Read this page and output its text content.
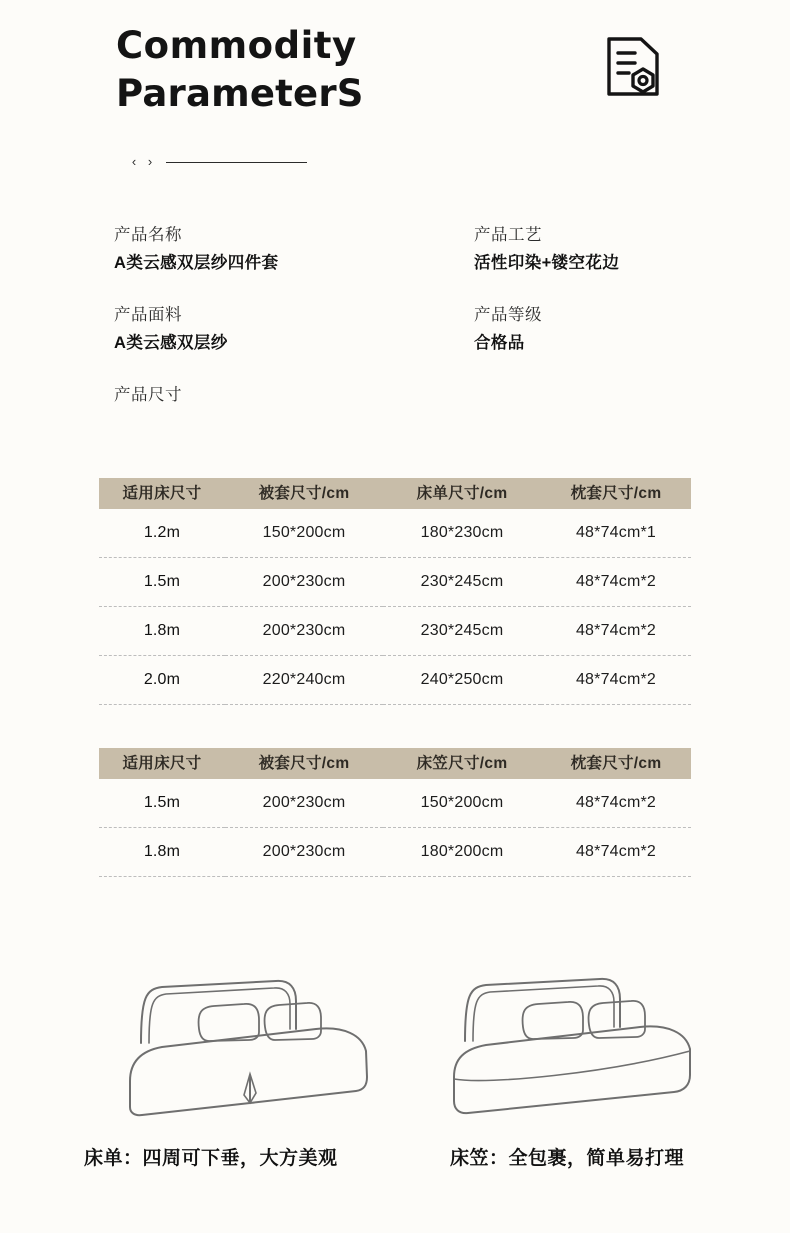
Commodity
ParameterS
‹ ›
产品名称
A类云感双层纱四件套
产品面料
A类云感双层纱
产品尺寸
产品工艺
活性印染+镂空花边
产品等级
合格品
适用床尺寸	被套尺寸/cm	床单尺寸/cm	枕套尺寸/cm
1.2m	150*200cm	180*230cm	48*74cm*1
1.5m	200*230cm	230*245cm	48*74cm*2
1.8m	200*230cm	230*245cm	48*74cm*2
2.0m	220*240cm	240*250cm	48*74cm*2
适用床尺寸	被套尺寸/cm	床笠尺寸/cm	枕套尺寸/cm
1.5m	200*230cm	150*200cm	48*74cm*2
1.8m	200*230cm	180*200cm	48*74cm*2
床单：四周可下垂，大方美观	床笠：全包裹，简单易打理
